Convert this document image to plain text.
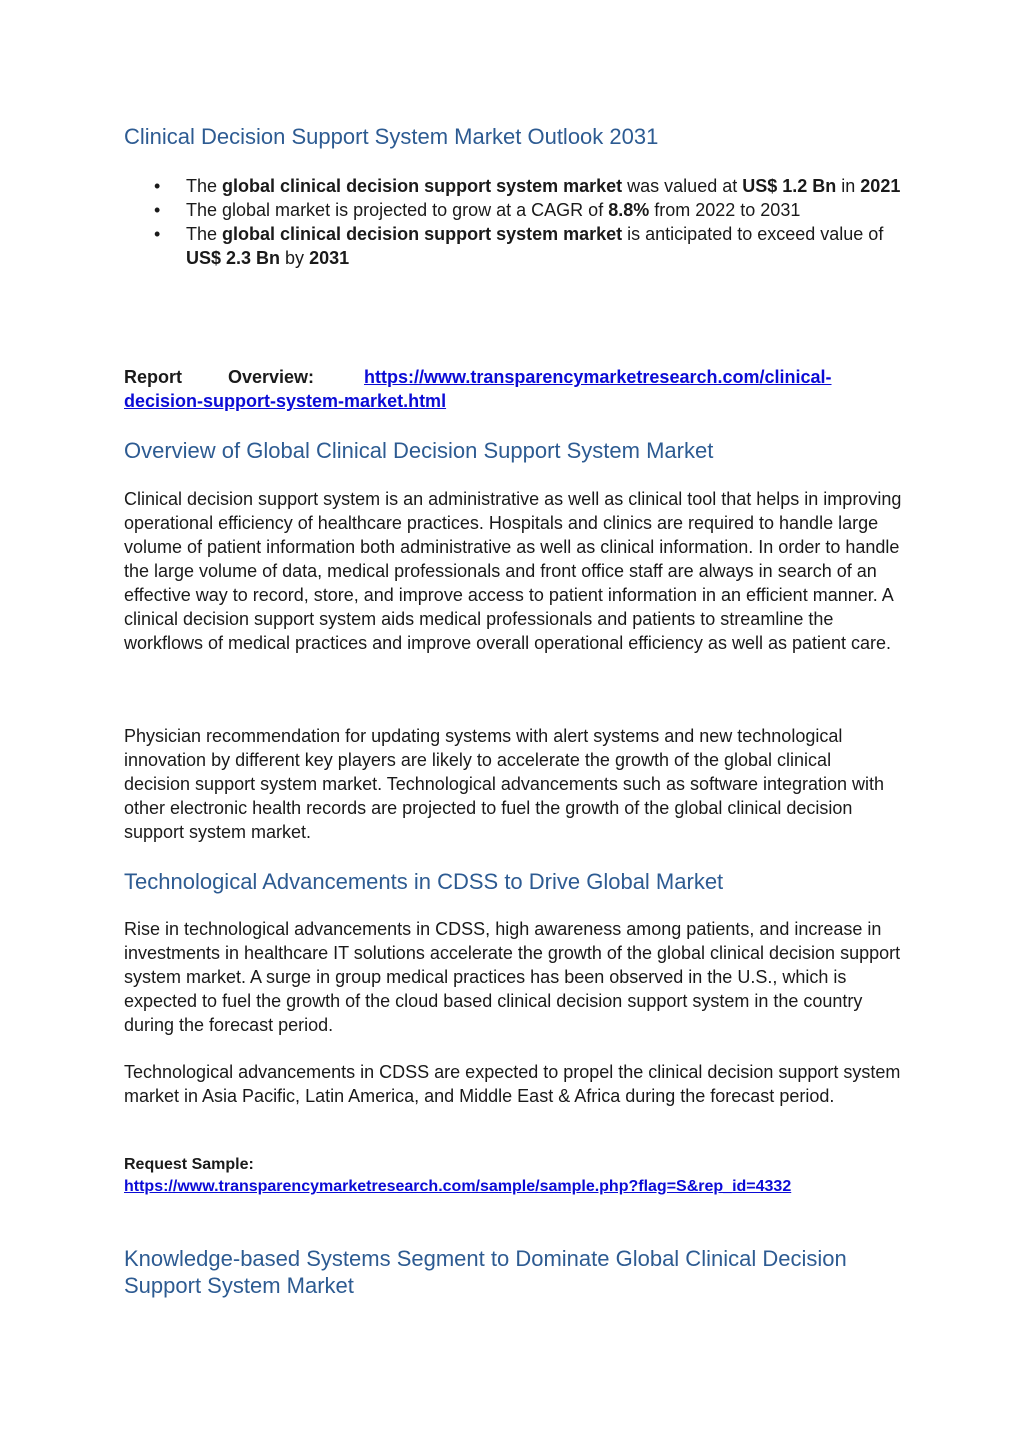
Clinical Decision Support System Market Outlook 2031
• The global clinical decision support system market was valued at US$ 1.2 Bn in 2021
• The global market is projected to grow at a CAGR of 8.8% from 2022 to 2031
• The global clinical decision support system market is anticipated to exceed value of US$ 2.3 Bn by 2031
Report	Overview:	https://www.transparencymarketresearch.com/clinical-decision-support-system-market.html
Overview of Global Clinical Decision Support System Market

Clinical decision support system is an administrative as well as clinical tool that helps in improving operational efficiency of healthcare practices. Hospitals and clinics are required to handle large volume of patient information both administrative as well as clinical information. In order to handle the large volume of data, medical professionals and front office staff are always in search of an effective way to record, store, and improve access to patient information in an efficient manner. A clinical decision support system aids medical professionals and patients to streamline the workflows of medical practices and improve overall operational efficiency as well as patient care.

Physician recommendation for updating systems with alert systems and new technological innovation by different key players are likely to accelerate the growth of the global clinical decision support system market. Technological advancements such as software integration with other electronic health records are projected to fuel the growth of the global clinical decision support system market.

Technological Advancements in CDSS to Drive Global Market

Rise in technological advancements in CDSS, high awareness among patients, and increase in investments in healthcare IT solutions accelerate the growth of the global clinical decision support system market. A surge in group medical practices has been observed in the U.S., which is expected to fuel the growth of the cloud based clinical decision support system in the country during the forecast period.

Technological advancements in CDSS are expected to propel the clinical decision support system market in Asia Pacific, Latin America, and Middle East & Africa during the forecast period.

Request Sample:
https://www.transparencymarketresearch.com/sample/sample.php?flag=S&rep_id=4332
Knowledge-based Systems Segment to Dominate Global Clinical Decision Support System Market
